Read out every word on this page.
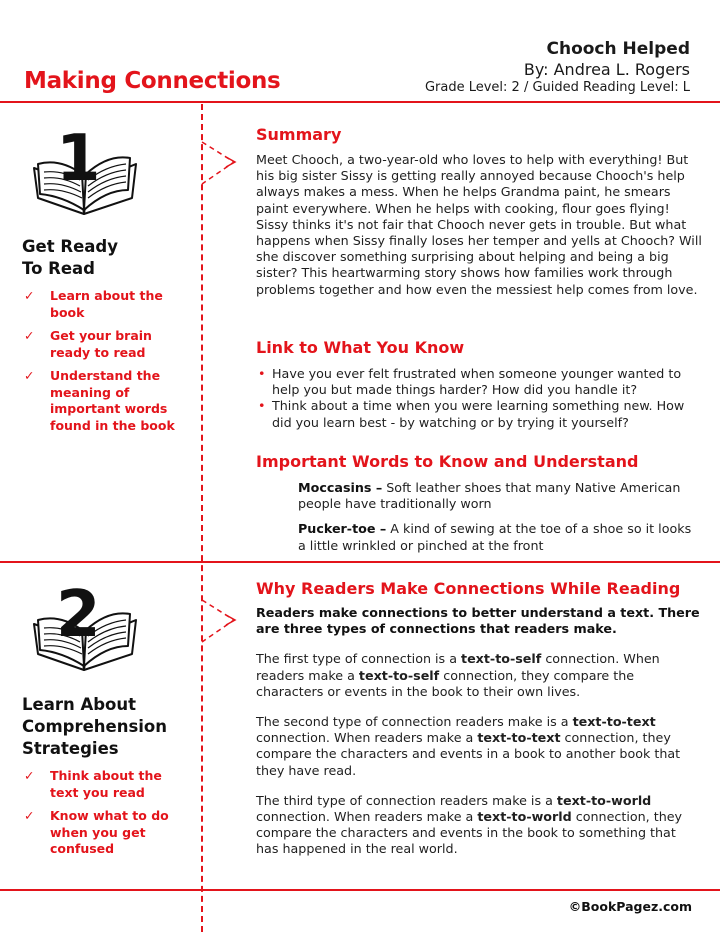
Making Connections
Chooch Helped
By: Andrea L. Rogers
Grade Level: 2 / Guided Reading Level: L
1
Get Ready
To Read
✓ Learn about the book
✓ Get your brain ready to read
✓ Understand the meaning of important words found in the book
2
Learn About
Comprehension
Strategies
✓ Think about the text you read
✓ Know what to do when you get confused
Summary
Meet Chooch, a two-year-old who loves to help with everything! But his big sister Sissy is getting really annoyed because Chooch's help always makes a mess. When he helps Grandma paint, he smears paint everywhere. When he helps with cooking, flour goes flying! Sissy thinks it's not fair that Chooch never gets in trouble. But what happens when Sissy finally loses her temper and yells at Chooch? Will she discover something surprising about helping and being a big sister? This heartwarming story shows how families work through problems together and how even the messiest help comes from love.
Link to What You Know
• Have you ever felt frustrated when someone younger wanted to help you but made things harder? How did you handle it?
• Think about a time when you were learning something new. How did you learn best - by watching or by trying it yourself?
Important Words to Know and Understand
Moccasins – Soft leather shoes that many Native American people have traditionally worn
Pucker-toe – A kind of sewing at the toe of a shoe so it looks a little wrinkled or pinched at the front
Why Readers Make Connections While Reading
Readers make connections to better understand a text. There are three types of connections that readers make.
The first type of connection is a text-to-self connection. When readers make a text-to-self connection, they compare the characters or events in the book to their own lives.
The second type of connection readers make is a text-to-text connection. When readers make a text-to-text connection, they compare the characters and events in a book to another book that they have read.
The third type of connection readers make is a text-to-world connection. When readers make a text-to-world connection, they compare the characters and events in the book to something that has happened in the real world.
©BookPagez.com
